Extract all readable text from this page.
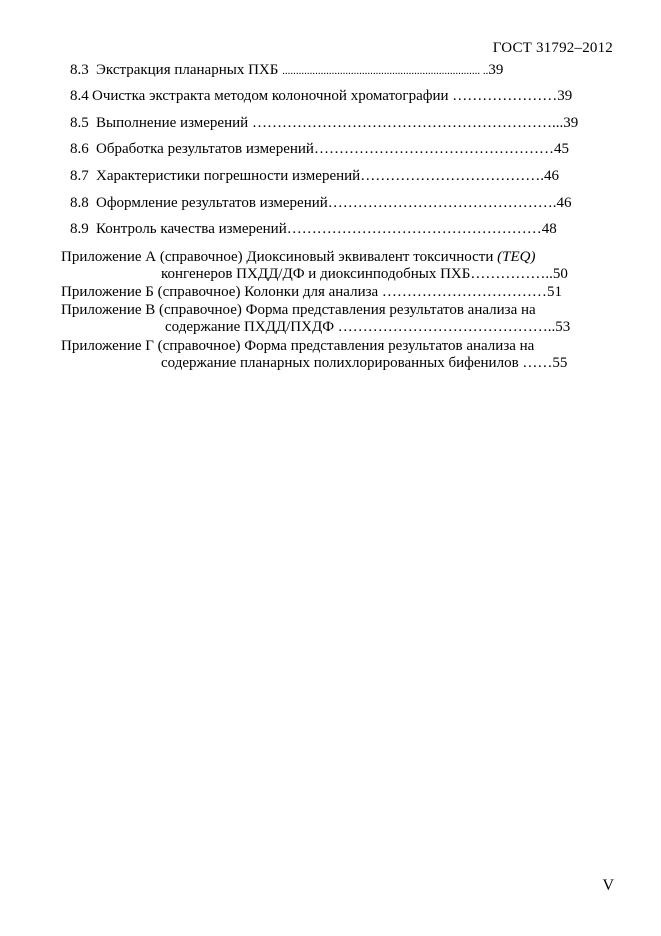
ГОСТ 31792–2012
8.3 Экстракция планарных ПХБ ........................................................................ ..39
8.4 Очистка экстракта методом колоночной хроматографии …………………39
8.5 Выполнение измерений ……………………………………………………...39
8.6 Обработка результатов измерений…………………………………………45
8.7 Характеристики погрешности измерений……………………………….46
8.8 Оформление результатов измерений……………………………………….46
8.9 Контроль качества измерений……………………………………………48
Приложение А (справочное) Диоксиновый эквивалент токсичности (TEQ)
конгенеров ПХДД/ДФ и диоксинподобных ПХБ……………..50
Приложение Б (справочное) Колонки для анализа ……………………………51
Приложение В (справочное) Форма представления результатов анализа на
содержание ПХДД/ПХДФ ……………………………………..53
Приложение Г (справочное) Форма представления результатов анализа на
содержание планарных полихлорированных бифенилов ……55
V
